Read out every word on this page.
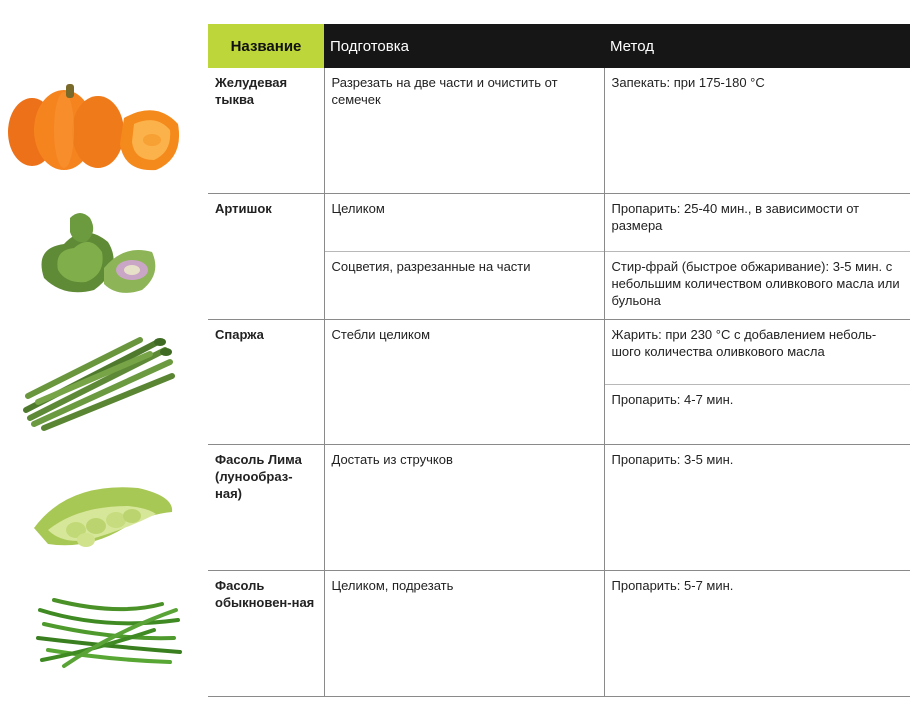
Название	Подготовка	Метод
Желудевая тыква	Разрезать на две части и очистить от семечек	Запекать: при 175-180 °С
Артишок	Целиком	Пропарить: 25-40 мин., в зависимости от размера
	Соцветия, разрезанные на части	Стир-фрай (быстрое обжаривание): 3-5 мин. с небольшим количеством оливкового масла или бульона
Спаржа	Стебли целиком	Жарить: при 230 °С с добавлением неболь-шого количества оливкового масла
		Пропарить: 4-7 мин.
Фасоль Лима (лунообраз-ная)	Достать из стручков	Пропарить: 3-5 мин.
Фасоль обыкновен-ная	Целиком, подрезать	Пропарить: 5-7 мин.
